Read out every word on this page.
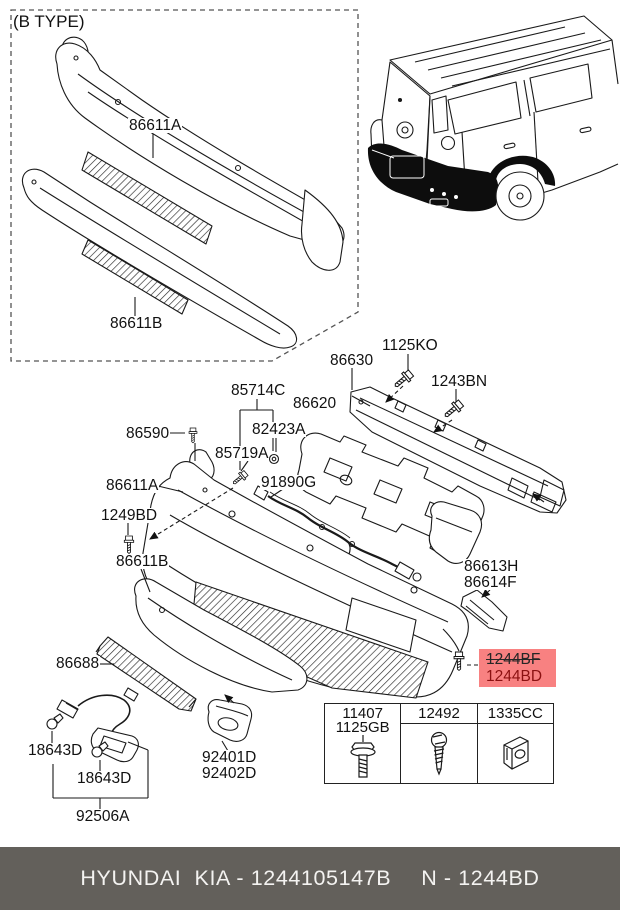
(B TYPE)
86611A
86611B
86630
1125KO
1243BN
85714C
82423A
86620
86590
85719A
91890G
86611A
1249BD
86611B	86613H
86614F
86688
18643D
18643D
92506A
92401D
92402D
1244BF
1244BD
11407
1125GB
12492	1335CC
HYUNDAI  KIA - 1244105147B N - 1244BD
